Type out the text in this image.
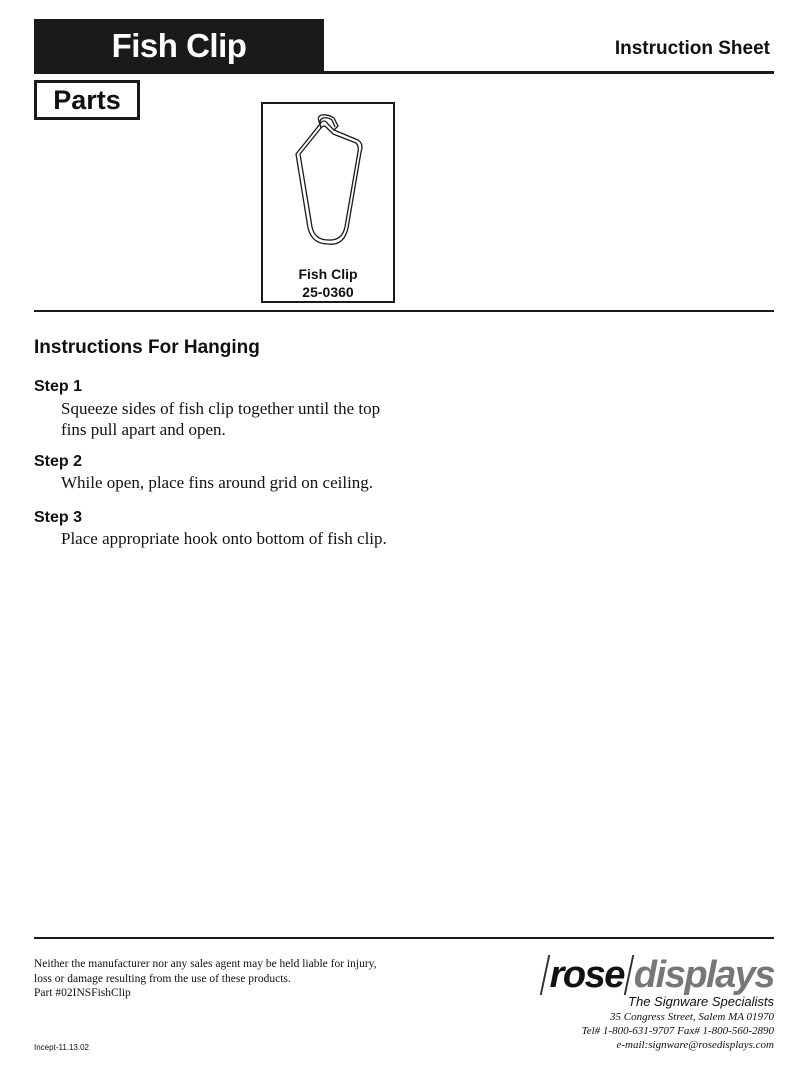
Fish Clip	Instruction Sheet
Parts
Fish Clip
25-0360
Instructions For Hanging
Step 1
Squeeze sides of fish clip together until the top fins pull apart and open.
Step 2
While open, place fins around grid on ceiling.
Step 3
Place appropriate hook onto bottom of fish clip.
Neither the manufacturer nor any sales agent may be held liable for injury, loss or damage resulting from the use of these products.
Part #02INSFishClip
Incept-11.13.02
rose displays
The Signware Specialists
35 Congress Street, Salem MA 01970
Tel# 1-800-631-9707 Fax# 1-800-560-2890
e-mail:signware@rosedisplays.com
